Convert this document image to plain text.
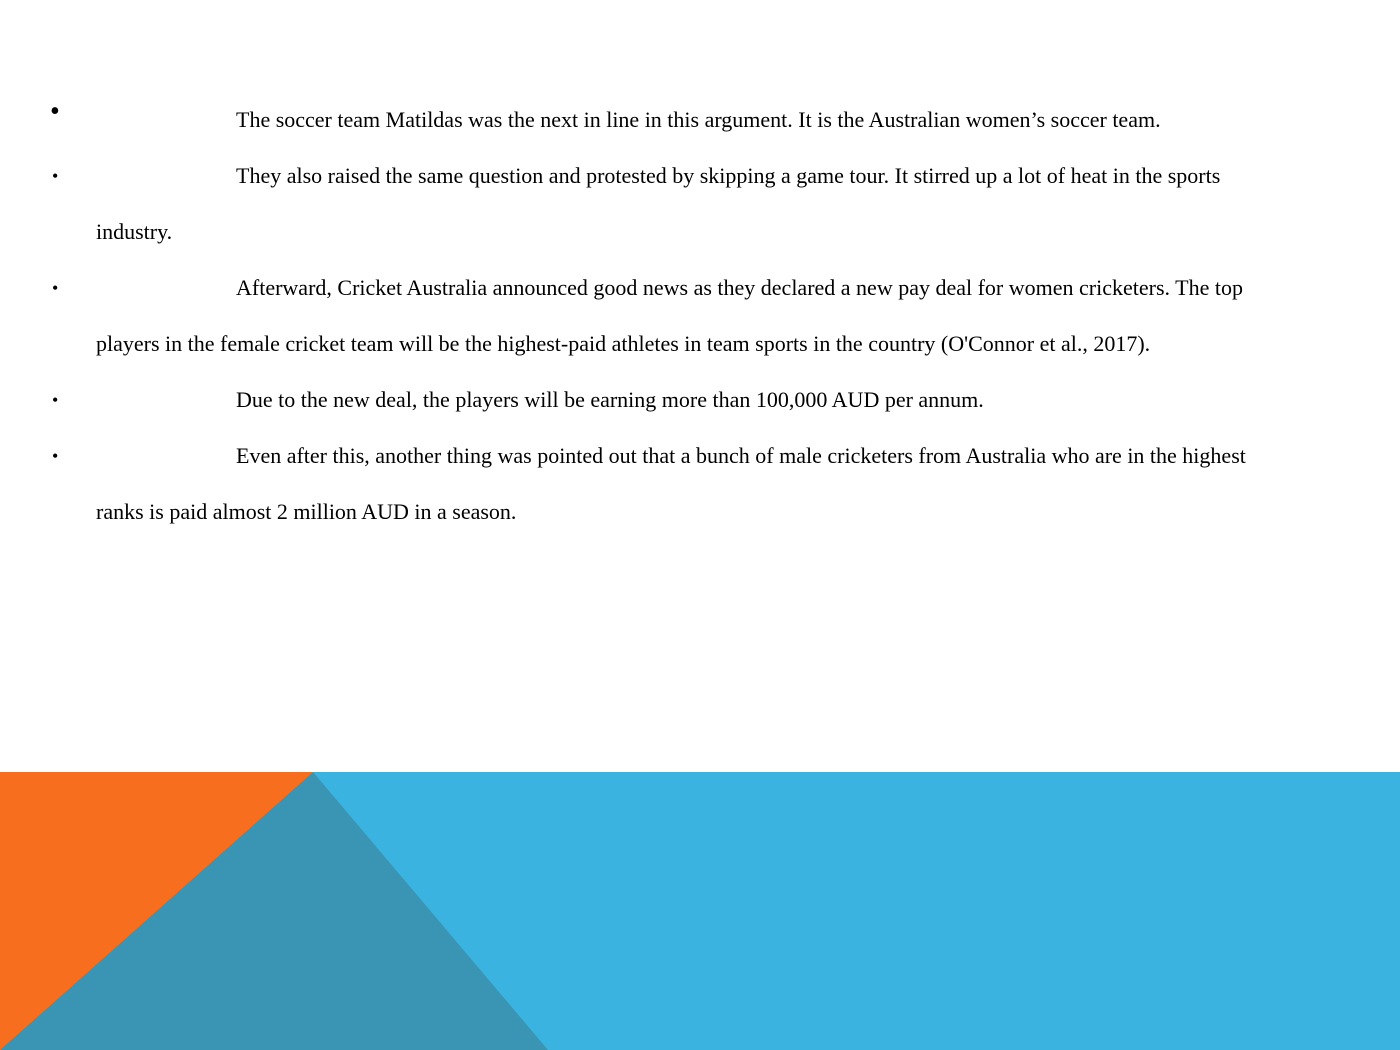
•	The soccer team Matildas was the next in line in this argument. It is the Australian women’s soccer team.
•	They also raised the same question and protested by skipping a game tour. It stirred up a lot of heat in the sports
industry.
•	Afterward, Cricket Australia announced good news as they declared a new pay deal for women cricketers. The top
players in the female cricket team will be the highest-paid athletes in team sports in the country (O'Connor et al., 2017).
•	Due to the new deal, the players will be earning more than 100,000 AUD per annum.
•	Even after this, another thing was pointed out that a bunch of male cricketers from Australia who are in the highest
ranks is paid almost 2 million AUD in a season.
